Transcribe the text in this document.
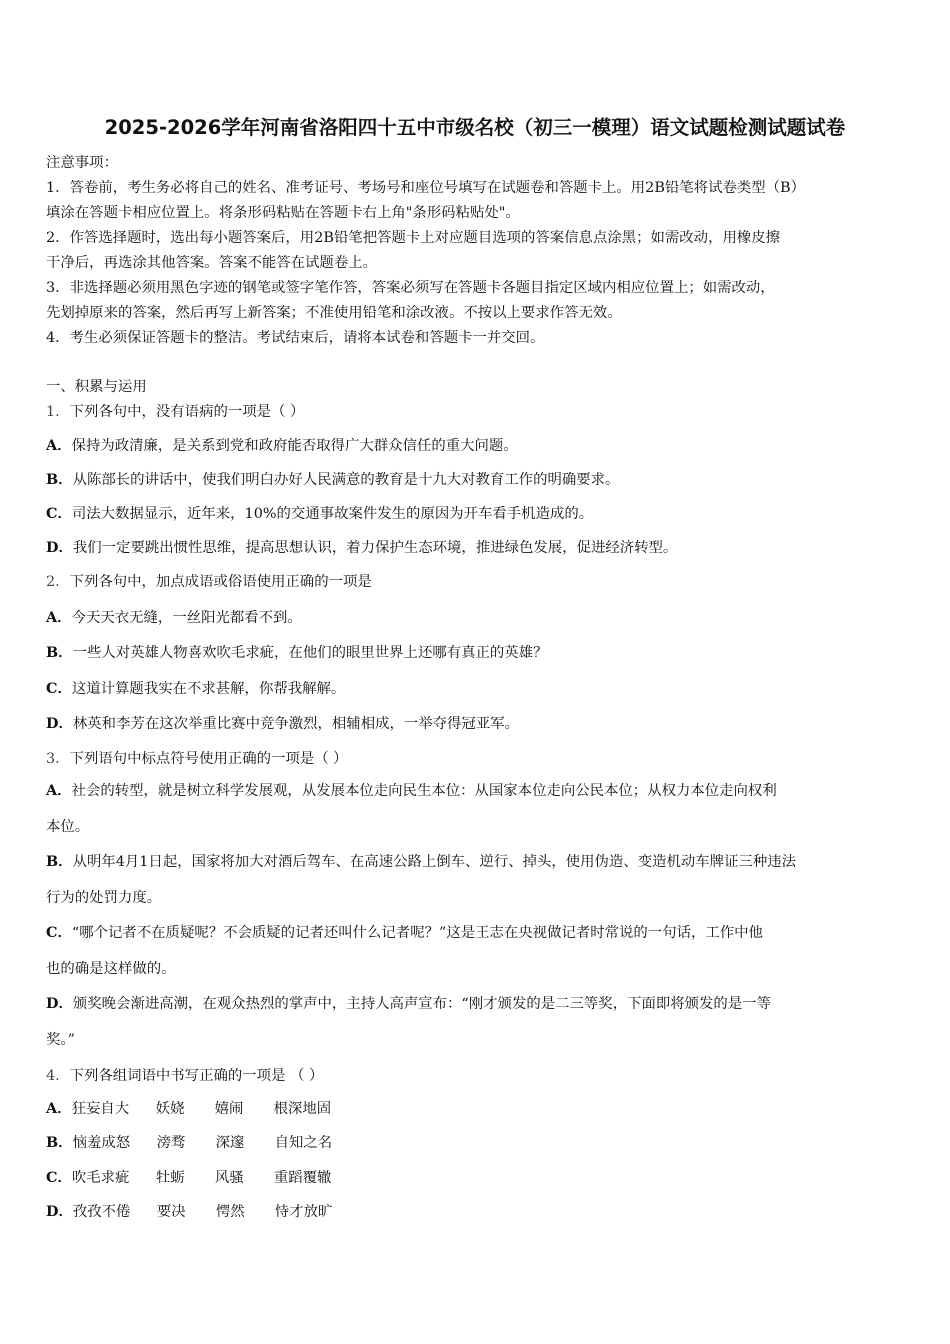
2025-2026学年河南省洛阳四十五中市级名校（初三一模理）语文试题检测试题试卷
注意事项：
1．答卷前，考生务必将自己的姓名、准考证号、考场号和座位号填写在试题卷和答题卡上。用2B铅笔将试卷类型（B）
填涂在答题卡相应位置上。将条形码粘贴在答题卡右上角"条形码粘贴处"。
2．作答选择题时，选出每小题答案后，用2B铅笔把答题卡上对应题目选项的答案信息点涂黑；如需改动，用橡皮擦
干净后，再选涂其他答案。答案不能答在试题卷上。
3．非选择题必须用黑色字迹的钢笔或签字笔作答，答案必须写在答题卡各题目指定区域内相应位置上；如需改动，
先划掉原来的答案，然后再写上新答案；不准使用铅笔和涂改液。不按以上要求作答无效。
4．考生必须保证答题卡的整洁。考试结束后，请将本试卷和答题卡一并交回。
一、积累与运用
1．下列各句中，没有语病的一项是（ ）
A．保持为政清廉，是关系到党和政府能否取得广大群众信任的重大问题。
B．从陈部长的讲话中，使我们明白办好人民满意的教育是十九大对教育工作的明确要求。
C．司法大数据显示，近年来，10%的交通事故案件发生的原因为开车看手机造成的。
D．我们一定要跳出惯性思维，提高思想认识，着力保护生态环境，推进绿色发展，促进经济转型。
2．下列各句中，加点成语或俗语使用正确的一项是
A．今天天衣无缝，一丝阳光都看不到。
B．一些人对英雄人物喜欢吹毛求疵，在他们的眼里世界上还哪有真正的英雄？
C．这道计算题我实在不求甚解，你帮我解解。
D．林英和李芳在这次举重比赛中竞争激烈，相辅相成，一举夺得冠亚军。
3．下列语句中标点符号使用正确的一项是（ ）
A．社会的转型，就是树立科学发展观，从发展本位走向民生本位：从国家本位走向公民本位；从权力本位走向权利
本位。
B．从明年4月1日起，国家将加大对酒后驾车、在高速公路上倒车、逆行、掉头，使用伪造、变造机动车牌证三种违法
行为的处罚力度。
C．“哪个记者不在质疑呢？不会质疑的记者还叫什么记者呢？”这是王志在央视做记者时常说的一句话，工作中他
也的确是这样做的。
D．颁奖晚会渐进高潮，在观众热烈的掌声中，主持人高声宣布：“刚才颁发的是二三等奖，下面即将颁发的是一等
奖。”
4．下列各组词语中书写正确的一项是 （ ）
A．狂妄自大 妖娆 嬉闹 根深地固
B．恼羞成怒 滂骛 深邃 自知之名
C．吹毛求疵 牡蛎 风骚 重蹈覆辙
D．孜孜不倦 要决 愕然 恃才放旷
